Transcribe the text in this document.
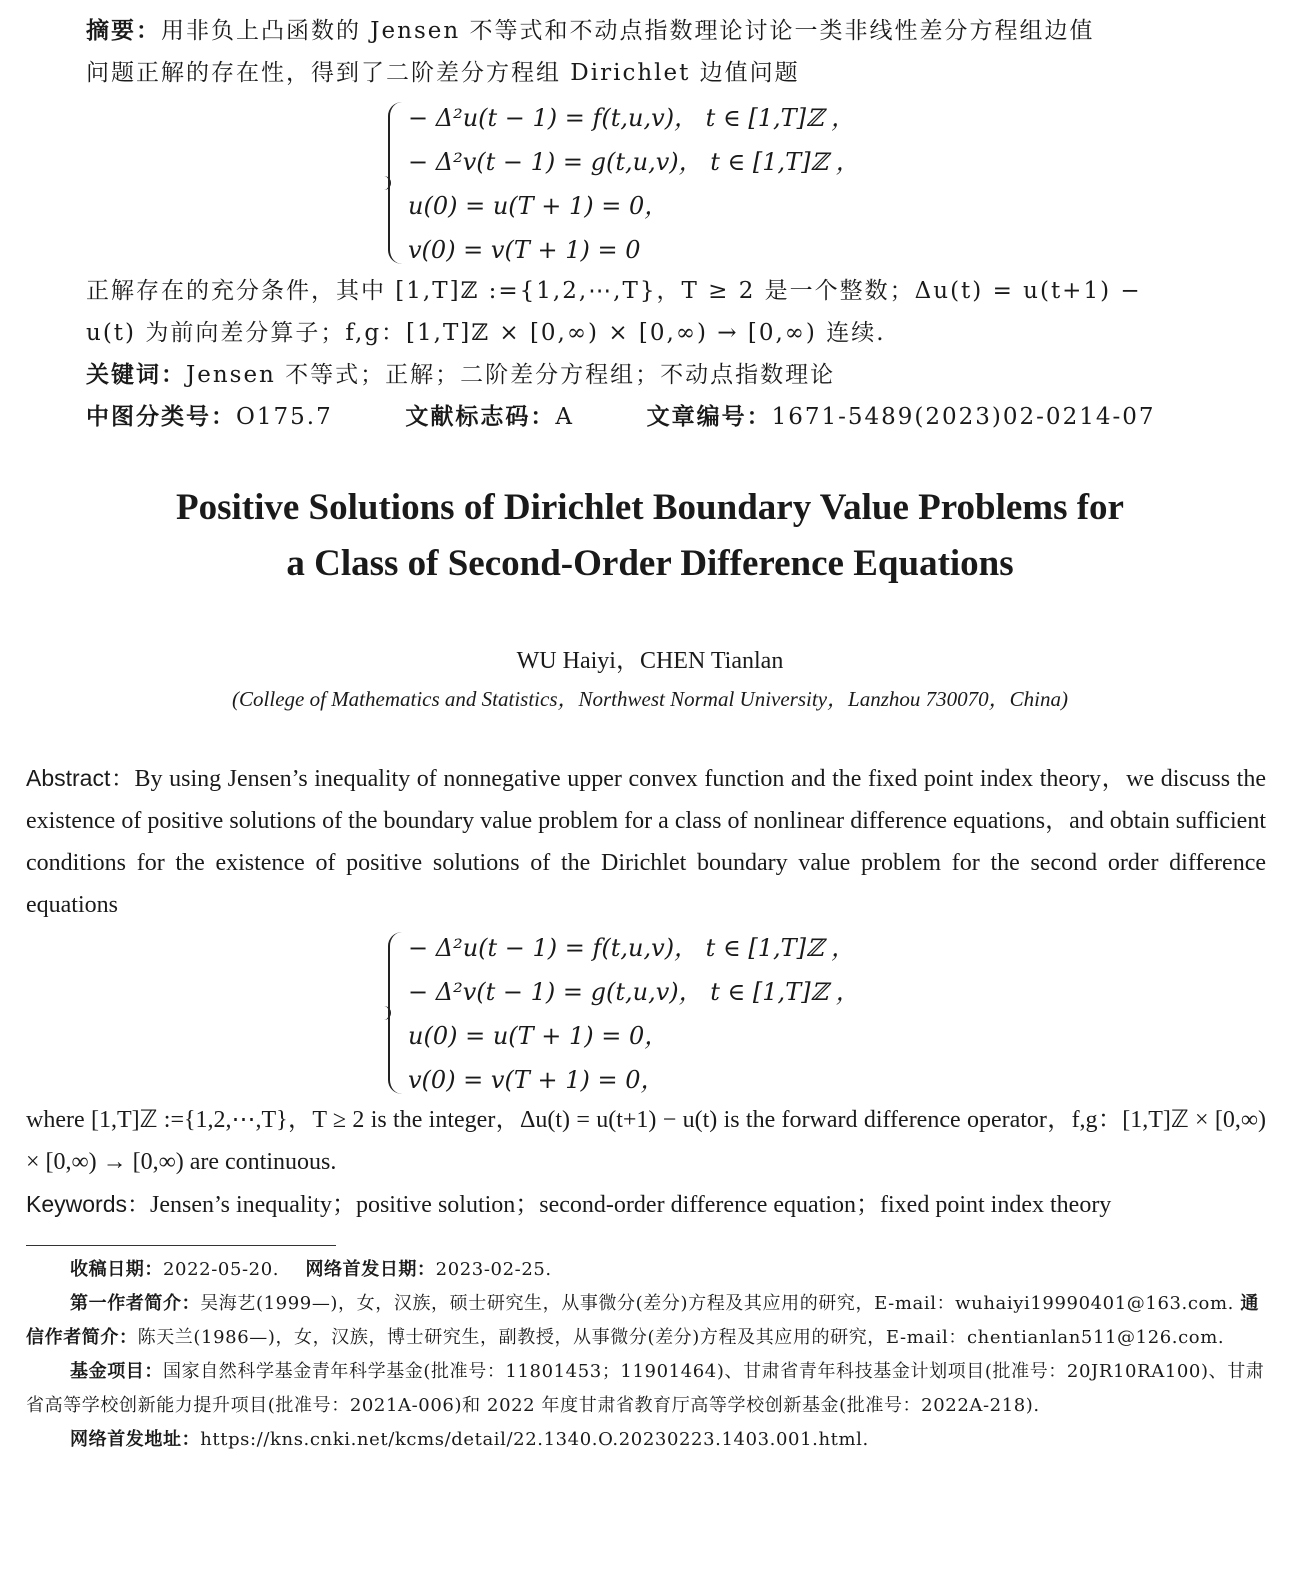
摘要：用非负上凸函数的 Jensen 不等式和不动点指数理论讨论一类非线性差分方程组边值
问题正解的存在性，得到了二阶差分方程组 Dirichlet 边值问题
− Δ²u(t − 1) = f(t,u,v)， t ∈ [1,T]ℤ ，
− Δ²v(t − 1) = g(t,u,v)， t ∈ [1,T]ℤ ，
u(0) = u(T + 1) = 0，
v(0) = v(T + 1) = 0
正解存在的充分条件，其中 [1,T]ℤ :={1,2,⋯,T}，T ≥ 2 是一个整数；Δu(t) = u(t+1) −
u(t) 为前向差分算子；f,g：[1,T]ℤ × [0,∞) × [0,∞) → [0,∞) 连续.
关键词：Jensen 不等式；正解；二阶差分方程组；不动点指数理论
中图分类号：O175.7	文献标志码：A	文章编号：1671-5489(2023)02-0214-07
Positive Solutions of Dirichlet Boundary Value Problems for
a Class of Second-Order Difference Equations
WU Haiyi，CHEN Tianlan
(College of Mathematics and Statistics，Northwest Normal University，Lanzhou 730070，China)
Abstract：By using Jensen’s inequality of nonnegative upper convex function and the fixed point index theory，we discuss the existence of positive solutions of the boundary value problem for a class of nonlinear difference equations，and obtain sufficient conditions for the existence of positive solutions of the Dirichlet boundary value problem for the second order difference equations
− Δ²u(t − 1) = f(t,u,v)， t ∈ [1,T]ℤ ，
− Δ²v(t − 1) = g(t,u,v)， t ∈ [1,T]ℤ ，
u(0) = u(T + 1) = 0，
v(0) = v(T + 1) = 0，
where [1,T]ℤ :={1,2,⋯,T}，T ≥ 2 is the integer，Δu(t) = u(t+1) − u(t) is the forward difference operator，f,g：[1,T]ℤ × [0,∞) × [0,∞) → [0,∞) are continuous.
Keywords：Jensen’s inequality；positive solution；second-order difference equation；fixed point index theory
收稿日期：2022-05-20. 网络首发日期：2023-02-25.
第一作者简介：吴海艺(1999—)，女，汉族，硕士研究生，从事微分(差分)方程及其应用的研究，E-mail：wuhaiyi19990401@163.com. 通信作者简介：陈天兰(1986—)，女，汉族，博士研究生，副教授，从事微分(差分)方程及其应用的研究，E-mail：chentianlan511@126.com.
基金项目：国家自然科学基金青年科学基金(批准号：11801453；11901464)、甘肃省青年科技基金计划项目(批准号：20JR10RA100)、甘肃省高等学校创新能力提升项目(批准号：2021A-006)和 2022 年度甘肃省教育厅高等学校创新基金(批准号：2022A-218).
网络首发地址：https://kns.cnki.net/kcms/detail/22.1340.O.20230223.1403.001.html.
